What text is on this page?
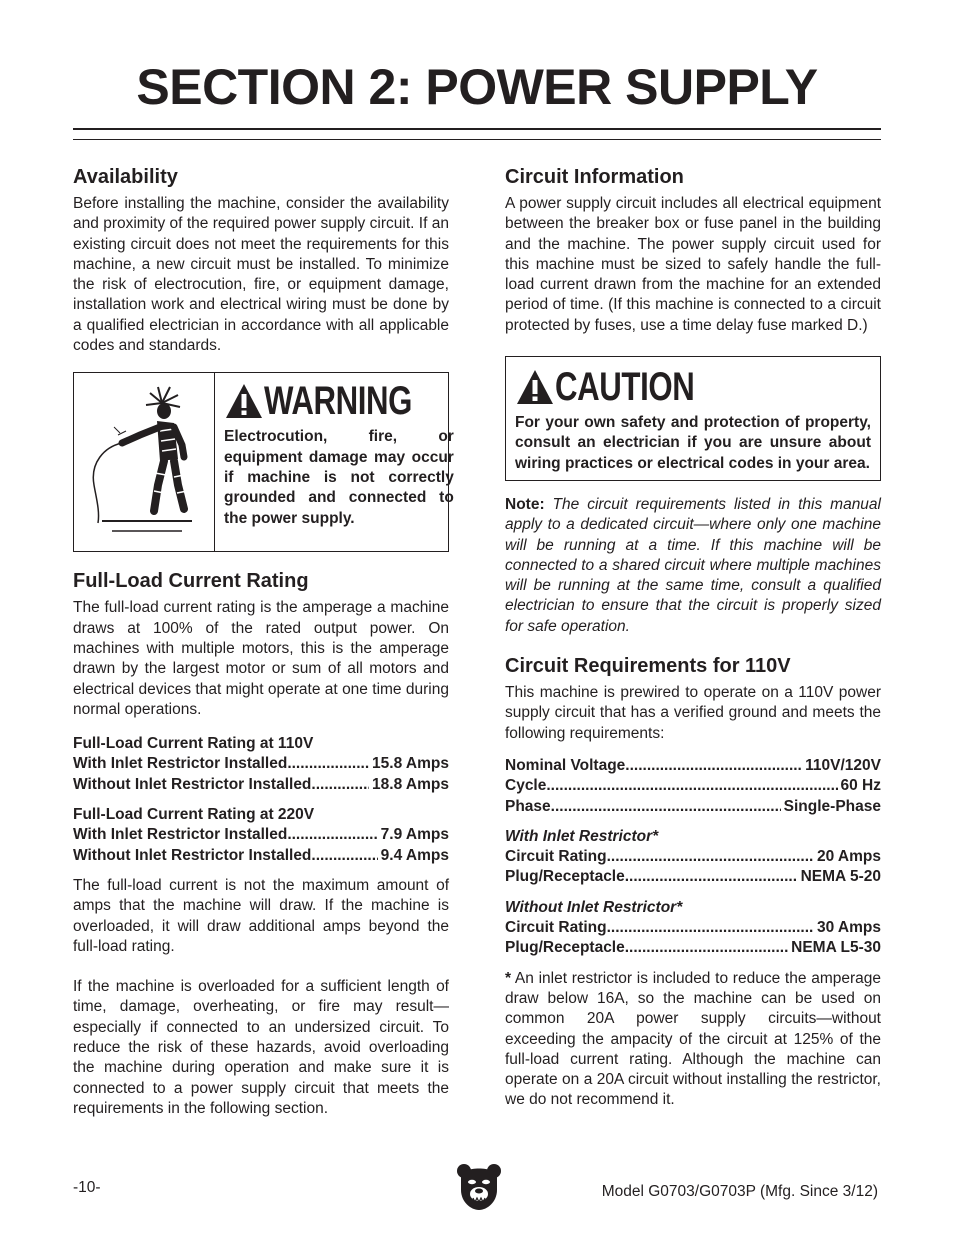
SECTION 2: POWER SUPPLY
Availability

Before installing the machine, consider the availability and proximity of the required power supply circuit. If an existing circuit does not meet the requirements for this machine, a new circuit must be installed. To minimize the risk of electrocution, fire, or equipment damage, installation work and electrical wiring must be done by a qualified electrician in accordance with all applicable codes and standards.

WARNING
Electrocution, fire, or equipment damage may occur if machine is not correctly grounded and connected to the power supply.
Full-Load Current Rating

The full-load current rating is the amperage a machine draws at 100% of the rated output power. On machines with multiple motors, this is the amperage drawn by the largest motor or sum of all motors and electrical devices that might operate at one time during normal operations.

Full-Load Current Rating at 110V
With Inlet Restrictor Installed .....	15.8 Amps
Without Inlet Restrictor Installed .....	18.8 Amps
Full-Load Current Rating at 220V
With Inlet Restrictor Installed .....	7.9 Amps
Without Inlet Restrictor Installed .....	9.4 Amps

The full-load current is not the maximum amount of amps that the machine will draw. If the machine is overloaded, it will draw additional amps beyond the full-load rating.

If the machine is overloaded for a sufficient length of time, damage, overheating, or fire may result—especially if connected to an undersized circuit. To reduce the risk of these hazards, avoid overloading the machine during operation and make sure it is connected to a power supply circuit that meets the requirements in the following section.

Circuit Information

A power supply circuit includes all electrical equipment between the breaker box or fuse panel in the building and the machine. The power supply circuit used for this machine must be sized to safely handle the full-load current drawn from the machine for an extended period of time. (If this machine is connected to a circuit protected by fuses, use a time delay fuse marked D.)

CAUTION
For your own safety and protection of property, consult an electrician if you are unsure about wiring practices or electrical codes in your area.
Note: The circuit requirements listed in this manual apply to a dedicated circuit—where only one machine will be running at a time. If this machine will be connected to a shared circuit where multiple machines will be running at the same time, consult a qualified electrician to ensure that the circuit is properly sized for safe operation.
Circuit Requirements for 110V

This machine is prewired to operate on a 110V power supply circuit that has a verified ground and meets the following requirements:

Nominal Voltage .....	110V/120V
Cycle .....	60 Hz
Phase .....	Single-Phase
With Inlet Restrictor*
Circuit Rating .....	20 Amps
Plug/Receptacle .....	NEMA 5-20
Without Inlet Restrictor*
Circuit Rating .....	30 Amps
Plug/Receptacle .....	NEMA L5-30

* An inlet restrictor is included to reduce the amperage draw below 16A, so the machine can be used on common 20A power supply circuits—without exceeding the ampacity of the circuit at 125% of the full-load current rating. Although the machine can operate on a 20A circuit without installing the restrictor, we do not recommend it.

-10-	Model G0703/G0703P (Mfg. Since 3/12)
